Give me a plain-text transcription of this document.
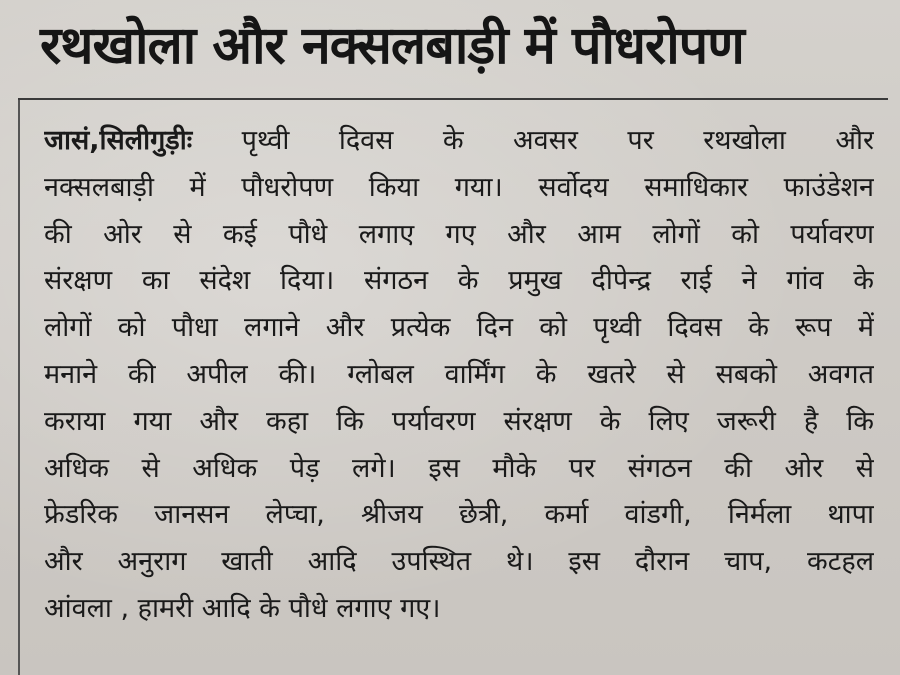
रथखोला और नक्सलबाड़ी में पौधरोपण
जासं,सिलीगुड़ीः पृथ्वी दिवस के अवसर पर रथखोला और
नक्सलबाड़ी में पौधरोपण किया गया। सर्वोदय समाधिकार फाउंडेशन
की ओर से कई पौधे लगाए गए और आम लोगों को पर्यावरण
संरक्षण का संदेश दिया। संगठन के प्रमुख दीपेन्द्र राई ने गांव के
लोगों को पौधा लगाने और प्रत्येक दिन को पृथ्वी दिवस के रूप में
मनाने की अपील की। ग्लोबल वार्मिंग के खतरे से सबको अवगत
कराया गया और कहा कि पर्यावरण संरक्षण के लिए जरूरी है कि
अधिक से अधिक पेड़ लगे। इस मौके पर संगठन की ओर से
फ्रेडरिक जानसन लेप्चा, श्रीजय छेत्री, कर्मा वांडगी, निर्मला थापा
और अनुराग खाती आदि उपस्थित थे। इस दौरान चाप, कटहल
आंवला , हामरी आदि के पौधे लगाए गए।
